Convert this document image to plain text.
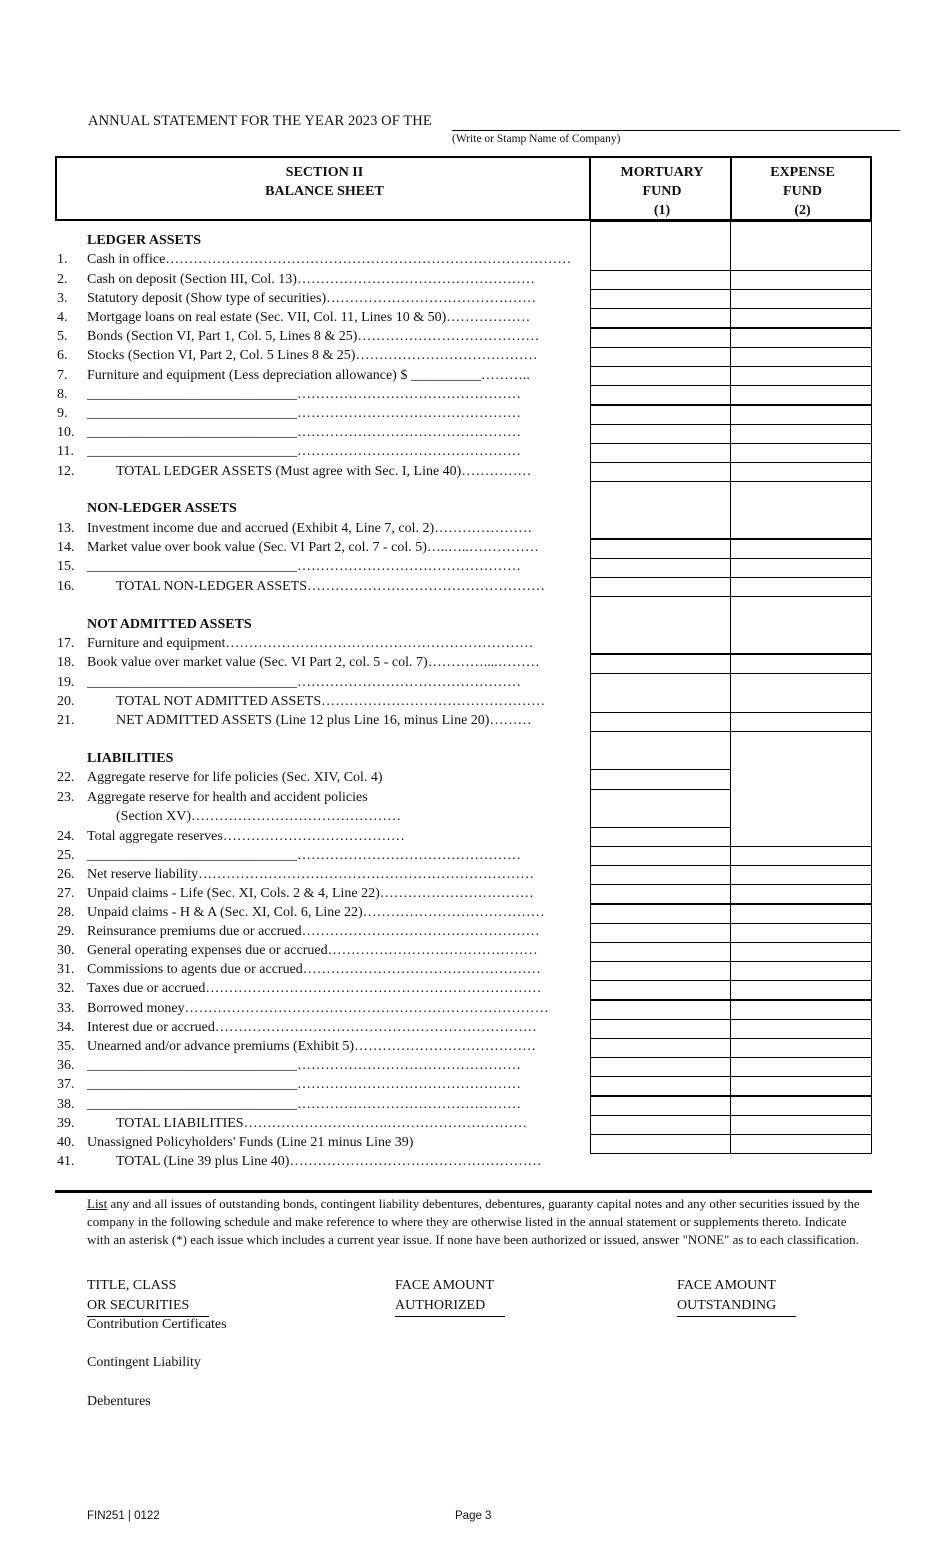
ANNUAL STATEMENT FOR THE YEAR 2023 OF THE
(Write or Stamp Name of Company)
SECTION II
BALANCE SHEET
MORTUARY
FUND
(1)
EXPENSE
FUND
(2)
LEDGER ASSETS
NON-LEDGER ASSETS
NOT ADMITTED ASSETS
LIABILITIES
1. Cash in office……………………………………………………………………………
2. Cash on deposit (Section III, Col. 13)……………………………………………
3. Statutory deposit (Show type of securities)………………………………………
4. Mortgage loans on real estate (Sec. VII, Col. 11, Lines 10 & 50)………………
5. Bonds (Section VI, Part 1, Col. 5, Lines 8 & 25)…………………………………
6. Stocks (Section VI, Part 2, Col. 5 Lines 8 & 25)…………………………………
7. Furniture and equipment (Less depreciation allowance) $ __________………..
8. ______________________________…………………………………………
9. ______________________________…………………………………………
10. ______________________________…………………………………………
11. ______________________________…………………………………………
12.	TOTAL LEDGER ASSETS (Must agree with Sec. I, Line 40)……………
13. Investment income due and accrued (Exhibit 4, Line 7, col. 2)…………………
14. Market value over book value (Sec. VI Part 2, col. 7 - col. 5)…..…..……………
15. ______________________________…………………………………………
16.	TOTAL NON-LEDGER ASSETS……………………………………………
17. Furniture and equipment…………………………………………………………
18. Book value over market value (Sec. VI Part 2, col. 5 - col. 7)…………....………
19. ______________________________…………………………………………
20.	TOTAL NOT ADMITTED ASSETS…………………………………………
21.	NET ADMITTED ASSETS (Line 12 plus Line 16, minus Line 20)………
22. Aggregate reserve for life policies (Sec. XIV, Col. 4)
23. Aggregate reserve for health and accident policies
(Section XV)………………………………………
24. Total aggregate reserves…………………………………
25. ______________________________…………………………………………
26. Net reserve liability………………………………………………………………
27. Unpaid claims - Life (Sec. XI, Cols. 2 & 4, Line 22)……………………………
28. Unpaid claims - H & A (Sec. XI, Col. 6, Line 22)…………………………………
29. Reinsurance premiums due or accrued……………………………………………
30. General operating expenses due or accrued………………………………………
31. Commissions to agents due or accrued……………………………………………
32. Taxes due or accrued………………………………………………………………
33. Borrowed money……………………………………………………………………
34. Interest due or accrued……………………………………………………………
35. Unearned and/or advance premiums (Exhibit 5)…………………………………
36. ______________________________…………………………………………
37. ______________________________…………………………………………
38. ______________________________…………………………………………
39.	TOTAL LIABILITIES………………………….…………………………
40. Unassigned Policyholders' Funds (Line 21 minus Line 39)
41.	TOTAL (Line 39 plus Line 40)………………………………………………
List any and all issues of outstanding bonds, contingent liability debentures, debentures, guaranty capital notes and any other securities issued by the company in the following schedule and make reference to where they are otherwise listed in the annual statement or supplements thereto. Indicate with an asterisk (*) each issue which includes a current year issue. If none have been authorized or issued, answer "NONE" as to each classification.
TITLE, CLASS
OR SECURITIES
FACE AMOUNT
AUTHORIZED
FACE AMOUNT
OUTSTANDING
Contribution Certificates
Contingent Liability
Debentures
FIN251 | 0122	Page 3
